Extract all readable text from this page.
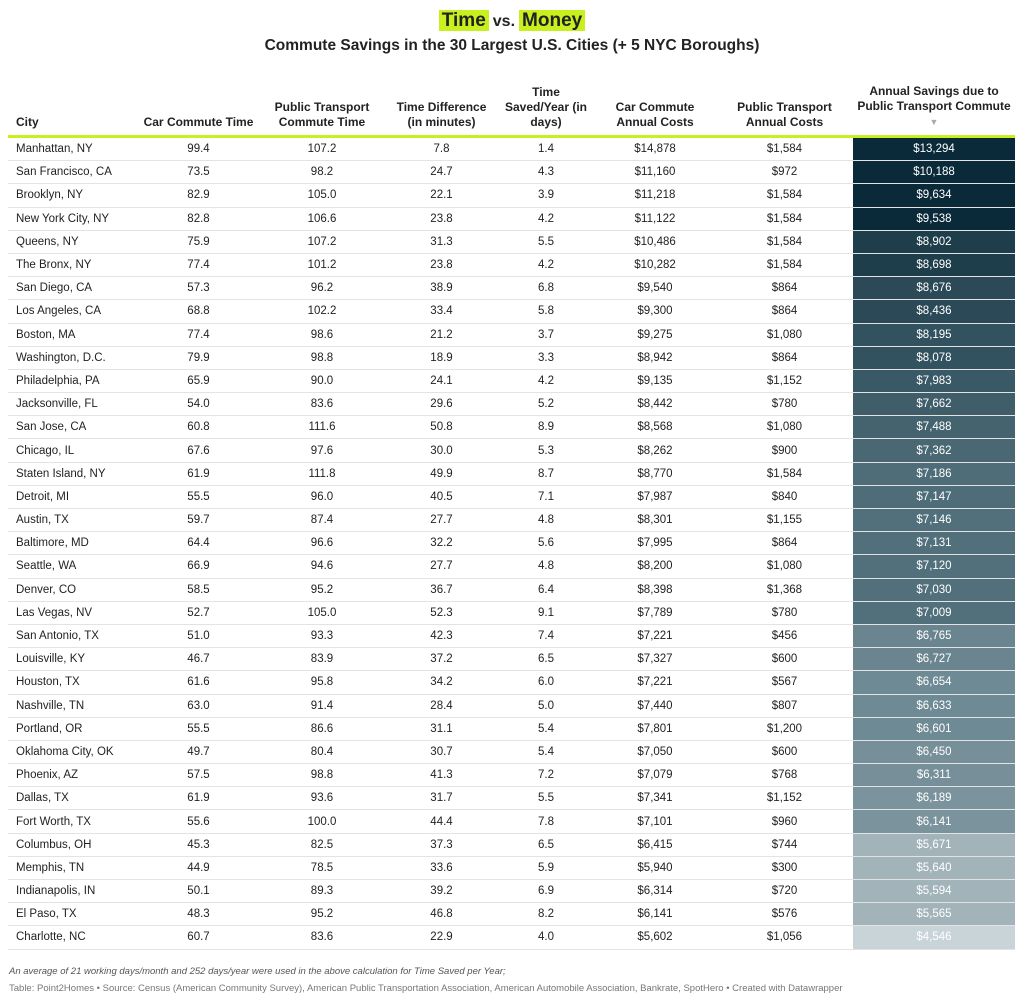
Time vs. Money
Commute Savings in the 30 Largest U.S. Cities (+ 5 NYC Boroughs)
City	Car Commute Time	Public Transport Commute Time	Time Difference (in minutes)	Time Saved/Year (in days)	Car Commute Annual Costs	Public Transport Annual Costs	Annual Savings due to Public Transport Commute ▼
Manhattan, NY	99.4	107.2	7.8	1.4	$14,878	$1,584	$13,294
San Francisco, CA	73.5	98.2	24.7	4.3	$11,160	$972	$10,188
Brooklyn, NY	82.9	105.0	22.1	3.9	$11,218	$1,584	$9,634
New York City, NY	82.8	106.6	23.8	4.2	$11,122	$1,584	$9,538
Queens, NY	75.9	107.2	31.3	5.5	$10,486	$1,584	$8,902
The Bronx, NY	77.4	101.2	23.8	4.2	$10,282	$1,584	$8,698
San Diego, CA	57.3	96.2	38.9	6.8	$9,540	$864	$8,676
Los Angeles, CA	68.8	102.2	33.4	5.8	$9,300	$864	$8,436
Boston, MA	77.4	98.6	21.2	3.7	$9,275	$1,080	$8,195
Washington, D.C.	79.9	98.8	18.9	3.3	$8,942	$864	$8,078
Philadelphia, PA	65.9	90.0	24.1	4.2	$9,135	$1,152	$7,983
Jacksonville, FL	54.0	83.6	29.6	5.2	$8,442	$780	$7,662
San Jose, CA	60.8	111.6	50.8	8.9	$8,568	$1,080	$7,488
Chicago, IL	67.6	97.6	30.0	5.3	$8,262	$900	$7,362
Staten Island, NY	61.9	111.8	49.9	8.7	$8,770	$1,584	$7,186
Detroit, MI	55.5	96.0	40.5	7.1	$7,987	$840	$7,147
Austin, TX	59.7	87.4	27.7	4.8	$8,301	$1,155	$7,146
Baltimore, MD	64.4	96.6	32.2	5.6	$7,995	$864	$7,131
Seattle, WA	66.9	94.6	27.7	4.8	$8,200	$1,080	$7,120
Denver, CO	58.5	95.2	36.7	6.4	$8,398	$1,368	$7,030
Las Vegas, NV	52.7	105.0	52.3	9.1	$7,789	$780	$7,009
San Antonio, TX	51.0	93.3	42.3	7.4	$7,221	$456	$6,765
Louisville, KY	46.7	83.9	37.2	6.5	$7,327	$600	$6,727
Houston, TX	61.6	95.8	34.2	6.0	$7,221	$567	$6,654
Nashville, TN	63.0	91.4	28.4	5.0	$7,440	$807	$6,633
Portland, OR	55.5	86.6	31.1	5.4	$7,801	$1,200	$6,601
Oklahoma City, OK	49.7	80.4	30.7	5.4	$7,050	$600	$6,450
Phoenix, AZ	57.5	98.8	41.3	7.2	$7,079	$768	$6,311
Dallas, TX	61.9	93.6	31.7	5.5	$7,341	$1,152	$6,189
Fort Worth, TX	55.6	100.0	44.4	7.8	$7,101	$960	$6,141
Columbus, OH	45.3	82.5	37.3	6.5	$6,415	$744	$5,671
Memphis, TN	44.9	78.5	33.6	5.9	$5,940	$300	$5,640
Indianapolis, IN	50.1	89.3	39.2	6.9	$6,314	$720	$5,594
El Paso, TX	48.3	95.2	46.8	8.2	$6,141	$576	$5,565
Charlotte, NC	60.7	83.6	22.9	4.0	$5,602	$1,056	$4,546
An average of 21 working days/month and 252 days/year were used in the above calculation for Time Saved per Year;
Table: Point2Homes • Source: Census (American Community Survey), American Public Transportation Association, American Automobile Association, Bankrate, SpotHero • Created with Datawrapper
